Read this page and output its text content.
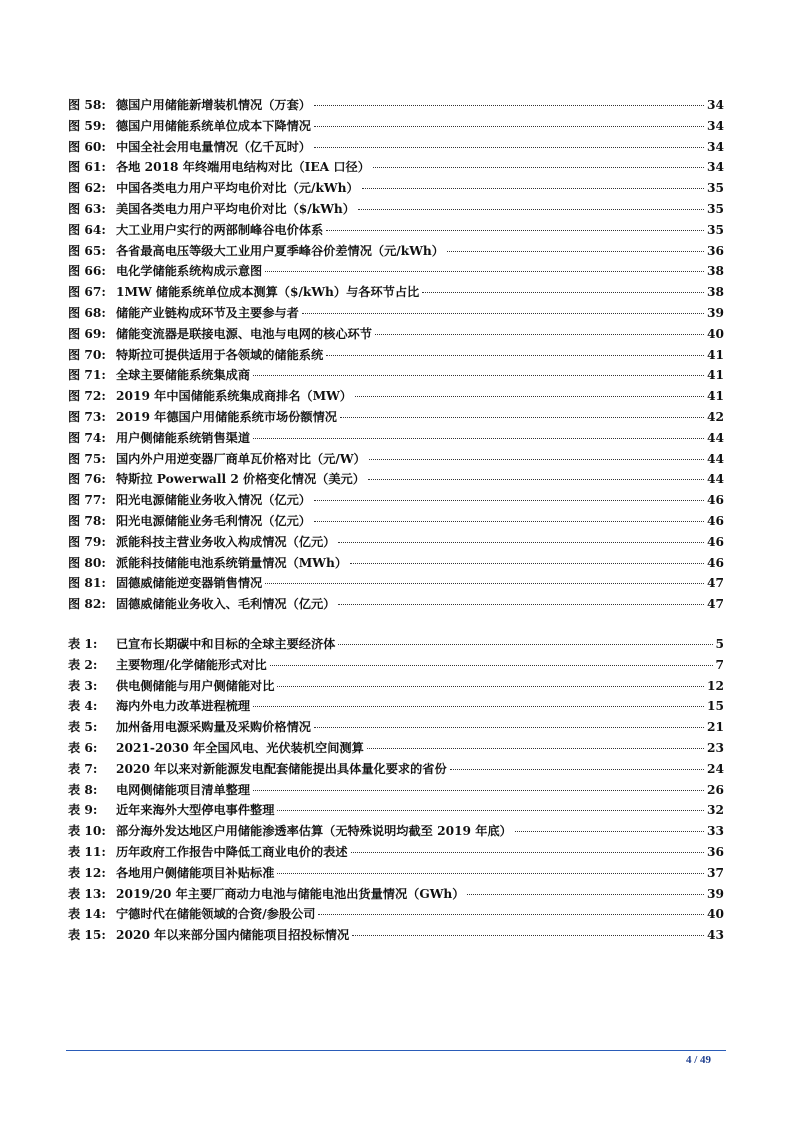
图 58: 德国户用储能新增装机情况（万套）	34
图 59: 德国户用储能系统单位成本下降情况	34
图 60: 中国全社会用电量情况（亿千瓦时）	34
图 61: 各地 2018 年终端用电结构对比（IEA 口径）	34
图 62: 中国各类电力用户平均电价对比（元/kWh）	35
图 63: 美国各类电力用户平均电价对比（$/kWh）	35
图 64: 大工业用户实行的两部制峰谷电价体系	35
图 65: 各省最高电压等级大工业用户夏季峰谷价差情况（元/kWh）	36
图 66: 电化学储能系统构成示意图	38
图 67: 1MW 储能系统单位成本测算（$/kWh）与各环节占比	38
图 68: 储能产业链构成环节及主要参与者	39
图 69: 储能变流器是联接电源、电池与电网的核心环节	40
图 70: 特斯拉可提供适用于各领域的储能系统	41
图 71: 全球主要储能系统集成商	41
图 72: 2019 年中国储能系统集成商排名（MW）	41
图 73: 2019 年德国户用储能系统市场份额情况	42
图 74: 用户侧储能系统销售渠道	44
图 75: 国内外户用逆变器厂商单瓦价格对比（元/W）	44
图 76: 特斯拉 Powerwall 2 价格变化情况（美元）	44
图 77: 阳光电源储能业务收入情况（亿元）	46
图 78: 阳光电源储能业务毛利情况（亿元）	46
图 79: 派能科技主营业务收入构成情况（亿元）	46
图 80: 派能科技储能电池系统销量情况（MWh）	46
图 81: 固德威储能逆变器销售情况	47
图 82: 固德威储能业务收入、毛利情况（亿元）	47
表 1:	已宣布长期碳中和目标的全球主要经济体	5
表 2:	主要物理/化学储能形式对比	7
表 3:	供电侧储能与用户侧储能对比	12
表 4:	海内外电力改革进程梳理	15
表 5:	加州备用电源采购量及采购价格情况	21
表 6:	2021-2030 年全国风电、光伏装机空间测算	23
表 7:	2020 年以来对新能源发电配套储能提出具体量化要求的省份	24
表 8:	电网侧储能项目清单整理	26
表 9:	近年来海外大型停电事件整理	32
表 10: 部分海外发达地区户用储能渗透率估算（无特殊说明均截至 2019 年底）	33
表 11: 历年政府工作报告中降低工商业电价的表述	36
表 12: 各地用户侧储能项目补贴标准	37
表 13: 2019/20 年主要厂商动力电池与储能电池出货量情况（GWh）	39
表 14: 宁德时代在储能领域的合资/参股公司	40
表 15: 2020 年以来部分国内储能项目招投标情况	43
4 / 49
